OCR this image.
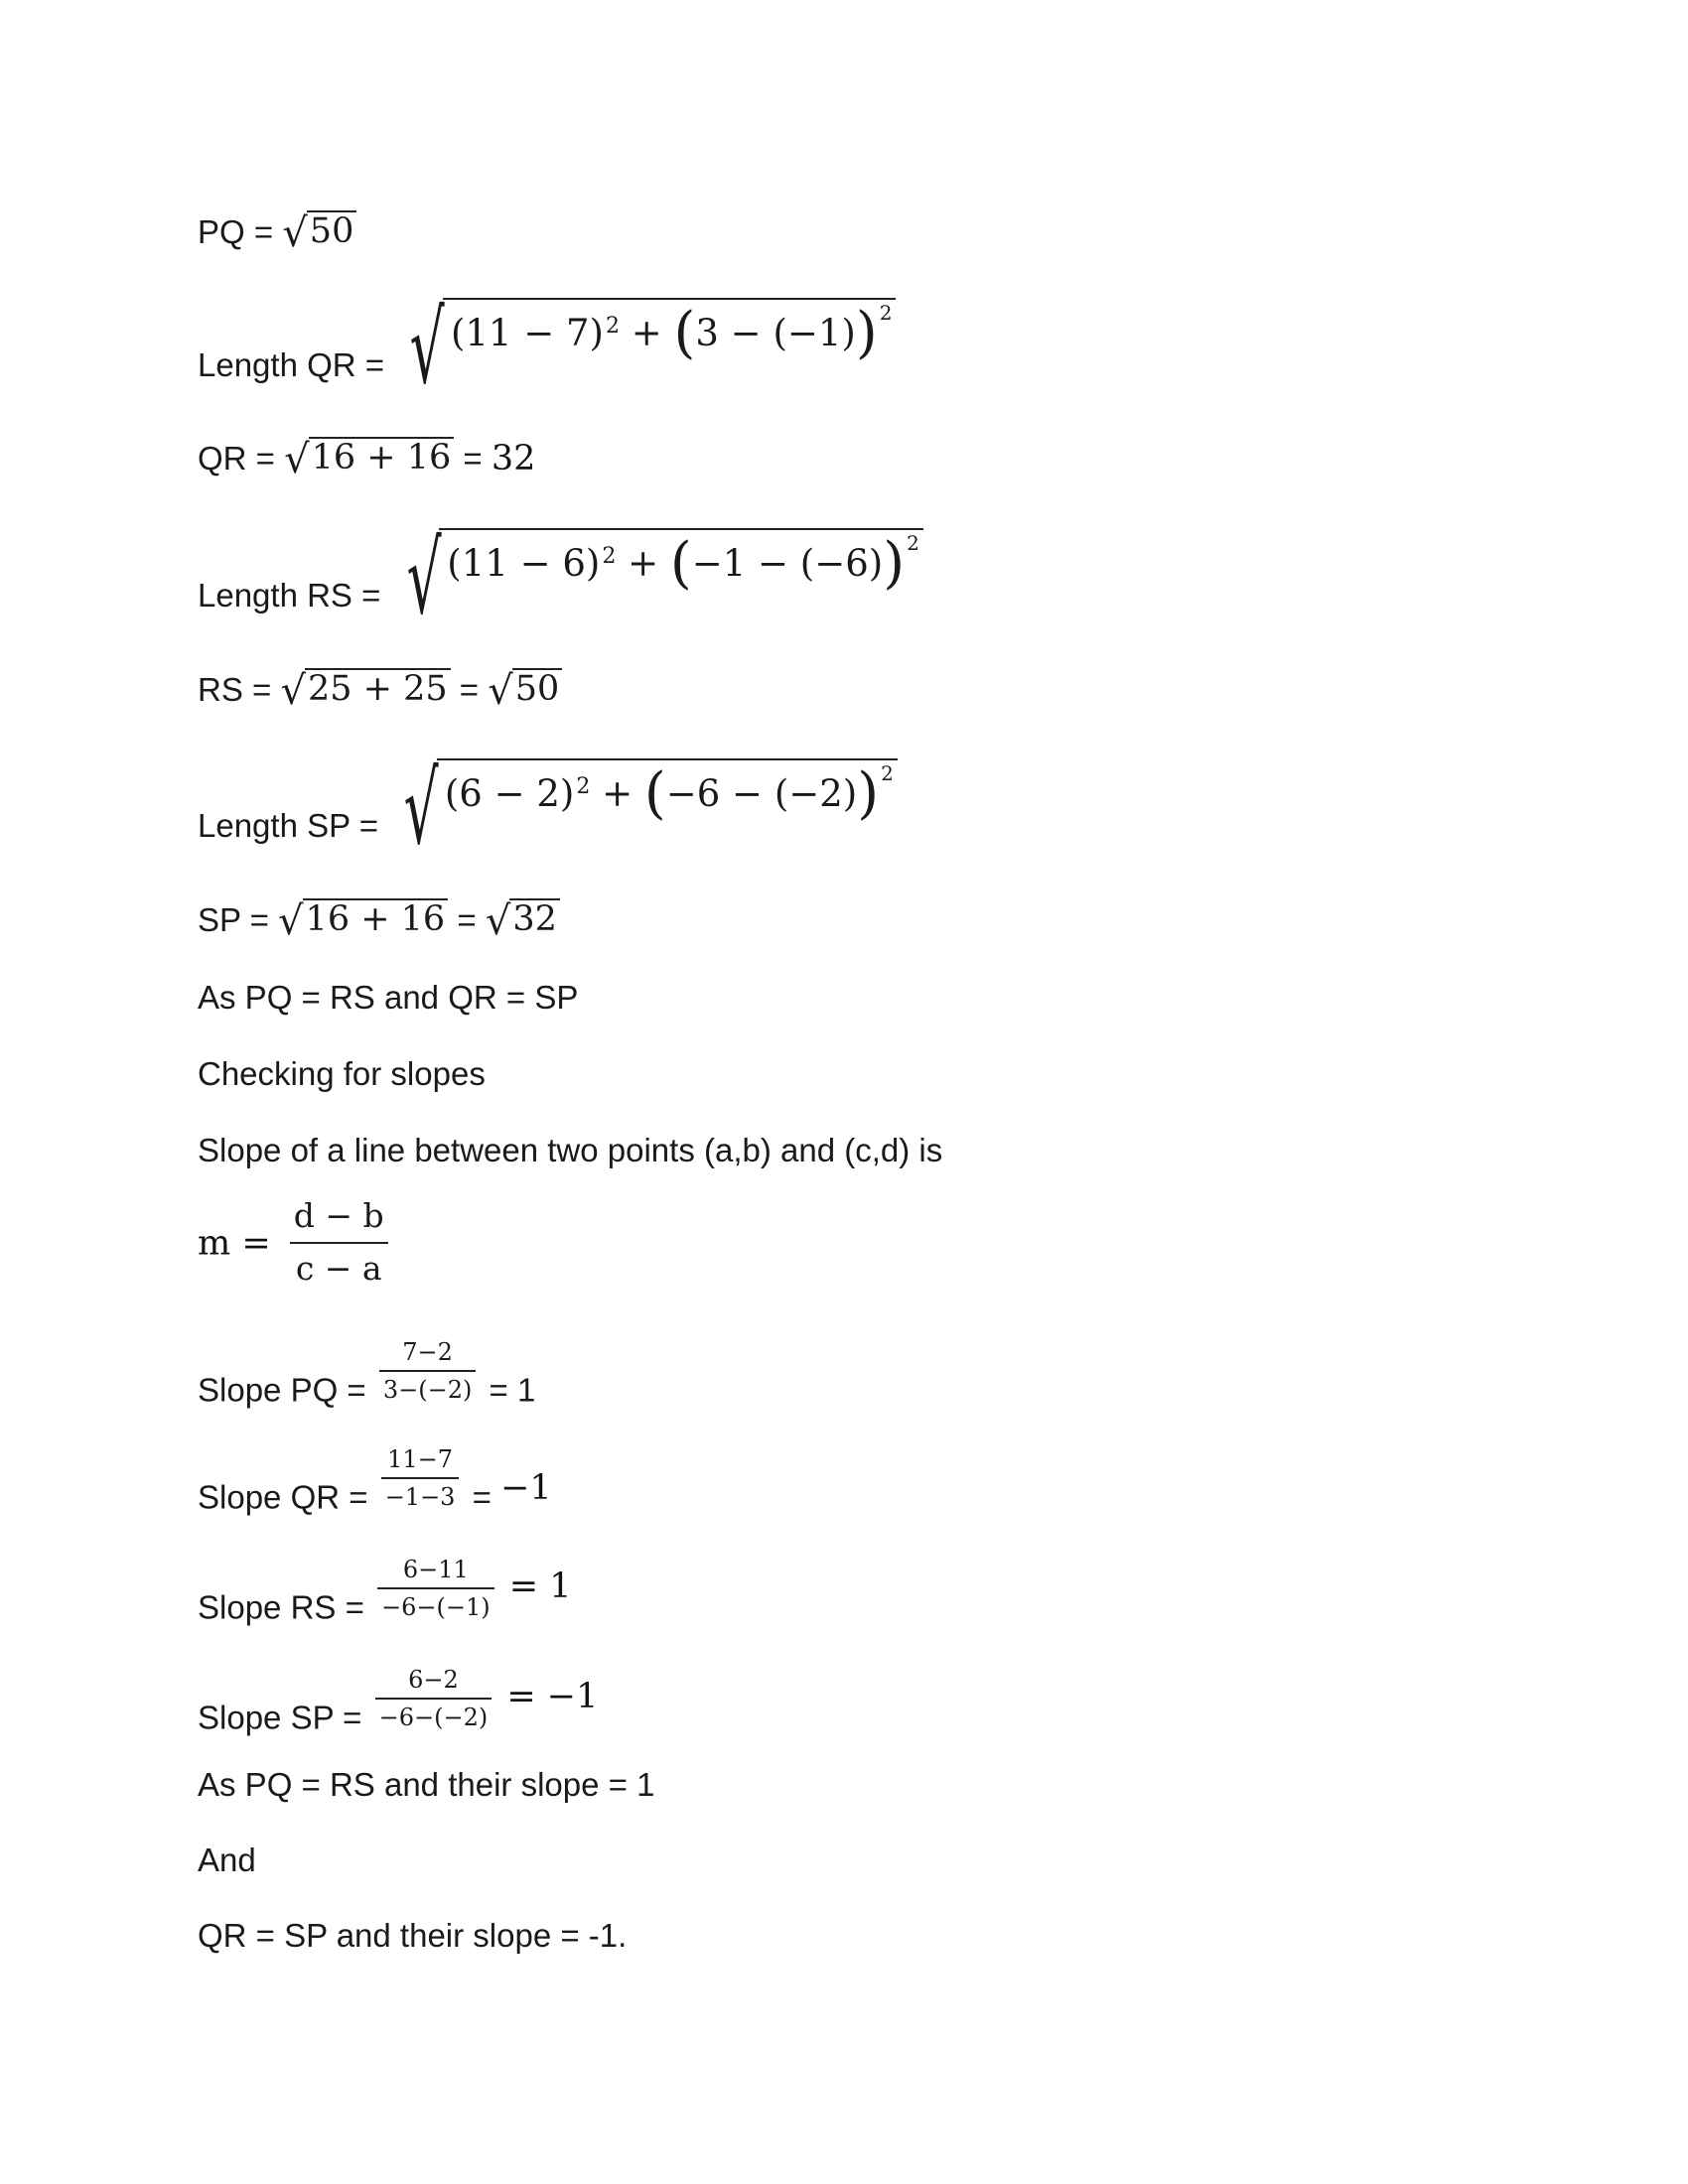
PQ = √ 50
Length QR = √ $(11 - 7)^2 + (3 - (-1))$ $^2$
QR = √ 16 + 16 = 32
Length RS = √ $(11 - 6)^2 + (-1 - (-6))$ $^2$
RS = √ 25 + 25 = √ 50
Length SP = √ $(6 - 2)^2 + (-6 - (-2))$ $^2$
SP = √ 16 + 16 = √ 32
As PQ = RS and QR = SP
Checking for slopes
Slope of a line between two points (a,b) and (c,d) is
$m = \frac{d - b}{c - a}$
Slope PQ = $\frac{7-2}{3-(-2)} = 1$
Slope QR = $\frac{11-7}{-1-3} = -1$
Slope RS = $\frac{6-11}{-6-(-1)} = 1$
Slope SP = $\frac{6-2}{-6-(-2)} = -1$
As PQ = RS and their slope = 1
And
QR = SP and their slope = -1.
